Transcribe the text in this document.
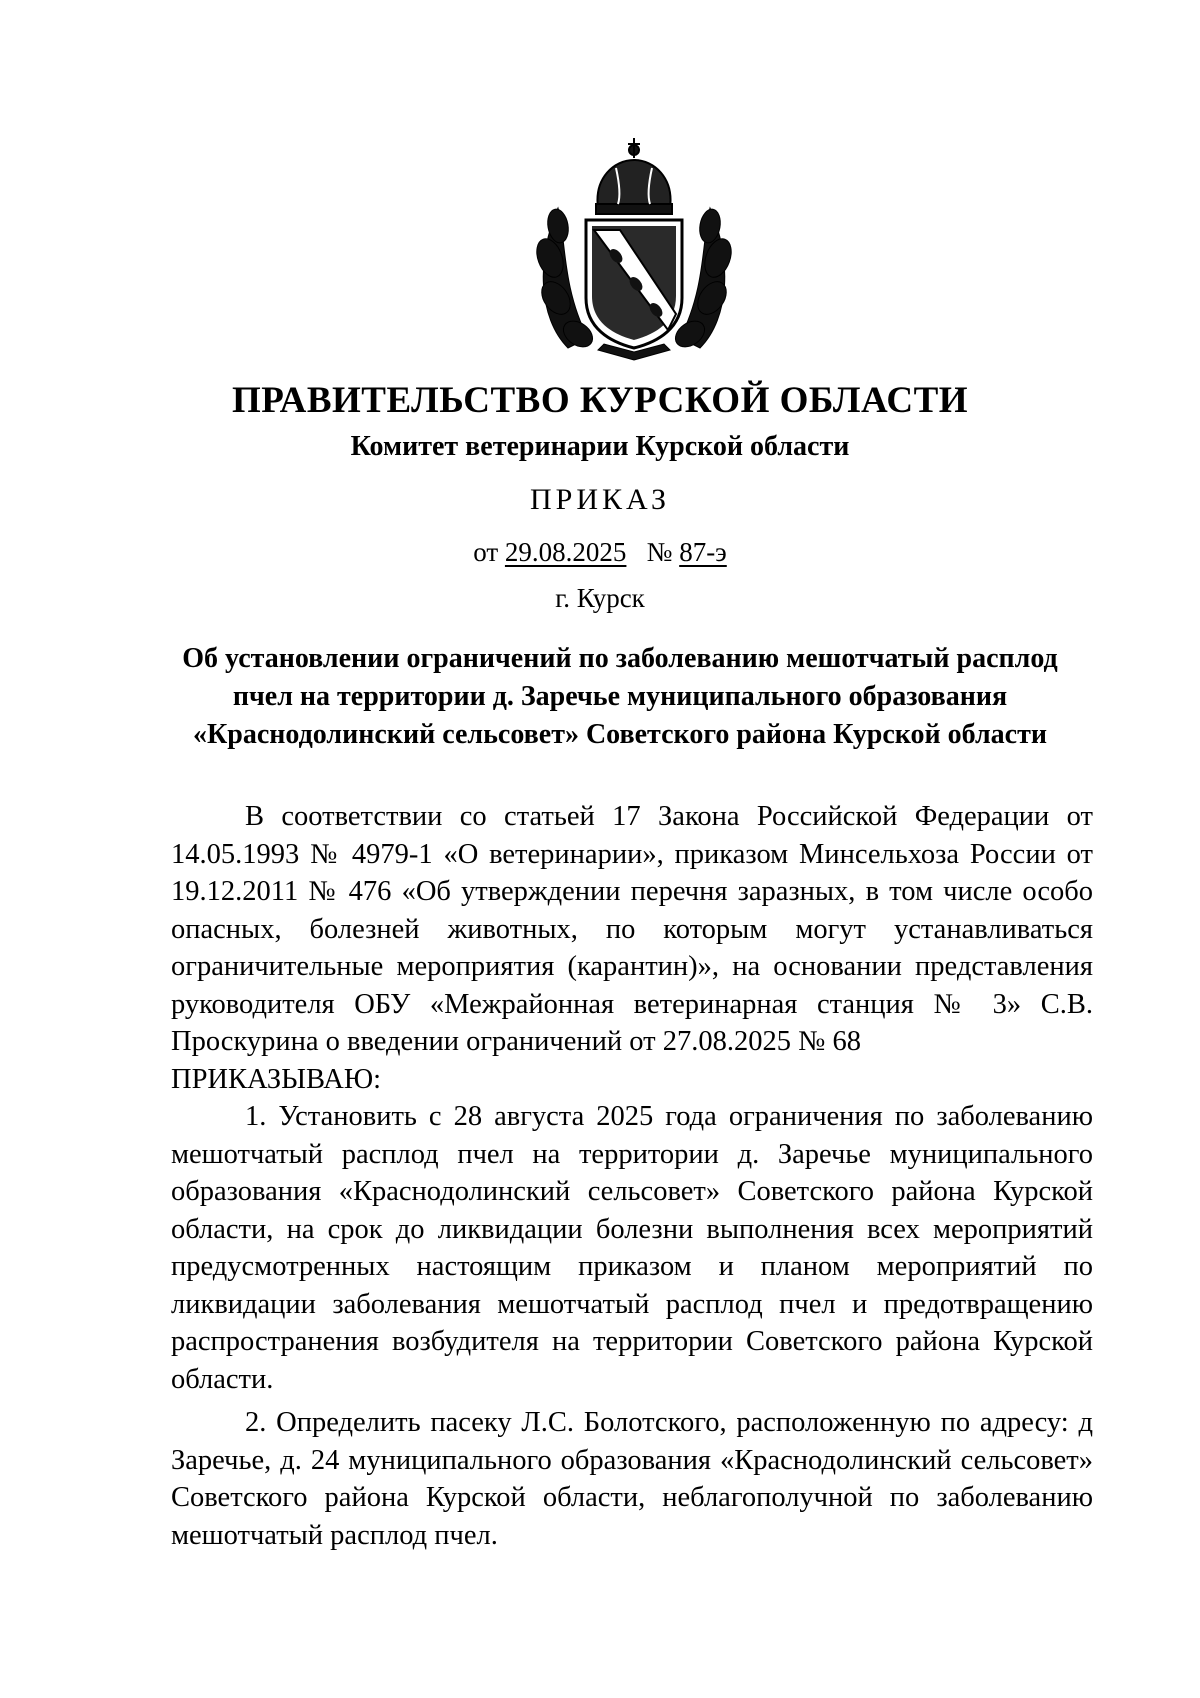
ПРАВИТЕЛЬСТВО КУРСКОЙ ОБЛАСТИ
Комитет ветеринарии Курской области
ПРИКАЗ
от 29.08.2025 № 87-э
г. Курск
Об установлении ограничений по заболеванию мешотчатый расплод пчел на территории д. Заречье муниципального образования «Краснодолинский сельсовет» Советского района Курской области

В соответствии со статьей 17 Закона Российской Федерации от 14.05.1993 № 4979-1 «О ветеринарии», приказом Минсельхоза России от 19.12.2011 № 476 «Об утверждении перечня заразных, в том числе особо опасных, болезней животных, по которым могут устанавливаться ограничительные мероприятия (карантин)», на основании представления руководителя ОБУ «Межрайонная ветеринарная станция № 3» С.В. Проскурина о введении ограничений от 27.08.2025 № 68

ПРИКАЗЫВАЮ:

1. Установить с 28 августа 2025 года ограничения по заболеванию мешотчатый расплод пчел на территории д. Заречье муниципального образования «Краснодолинский сельсовет» Советского района Курской области, на срок до ликвидации болезни выполнения всех мероприятий предусмотренных настоящим приказом и планом мероприятий по ликвидации заболевания мешотчатый расплод пчел и предотвращению распространения возбудителя на территории Советского района Курской области.

2. Определить пасеку Л.С. Болотского, расположенную по адресу: д Заречье, д. 24 муниципального образования «Краснодолинский сельсовет» Советского района Курской области, неблагополучной по заболеванию мешотчатый расплод пчел.
